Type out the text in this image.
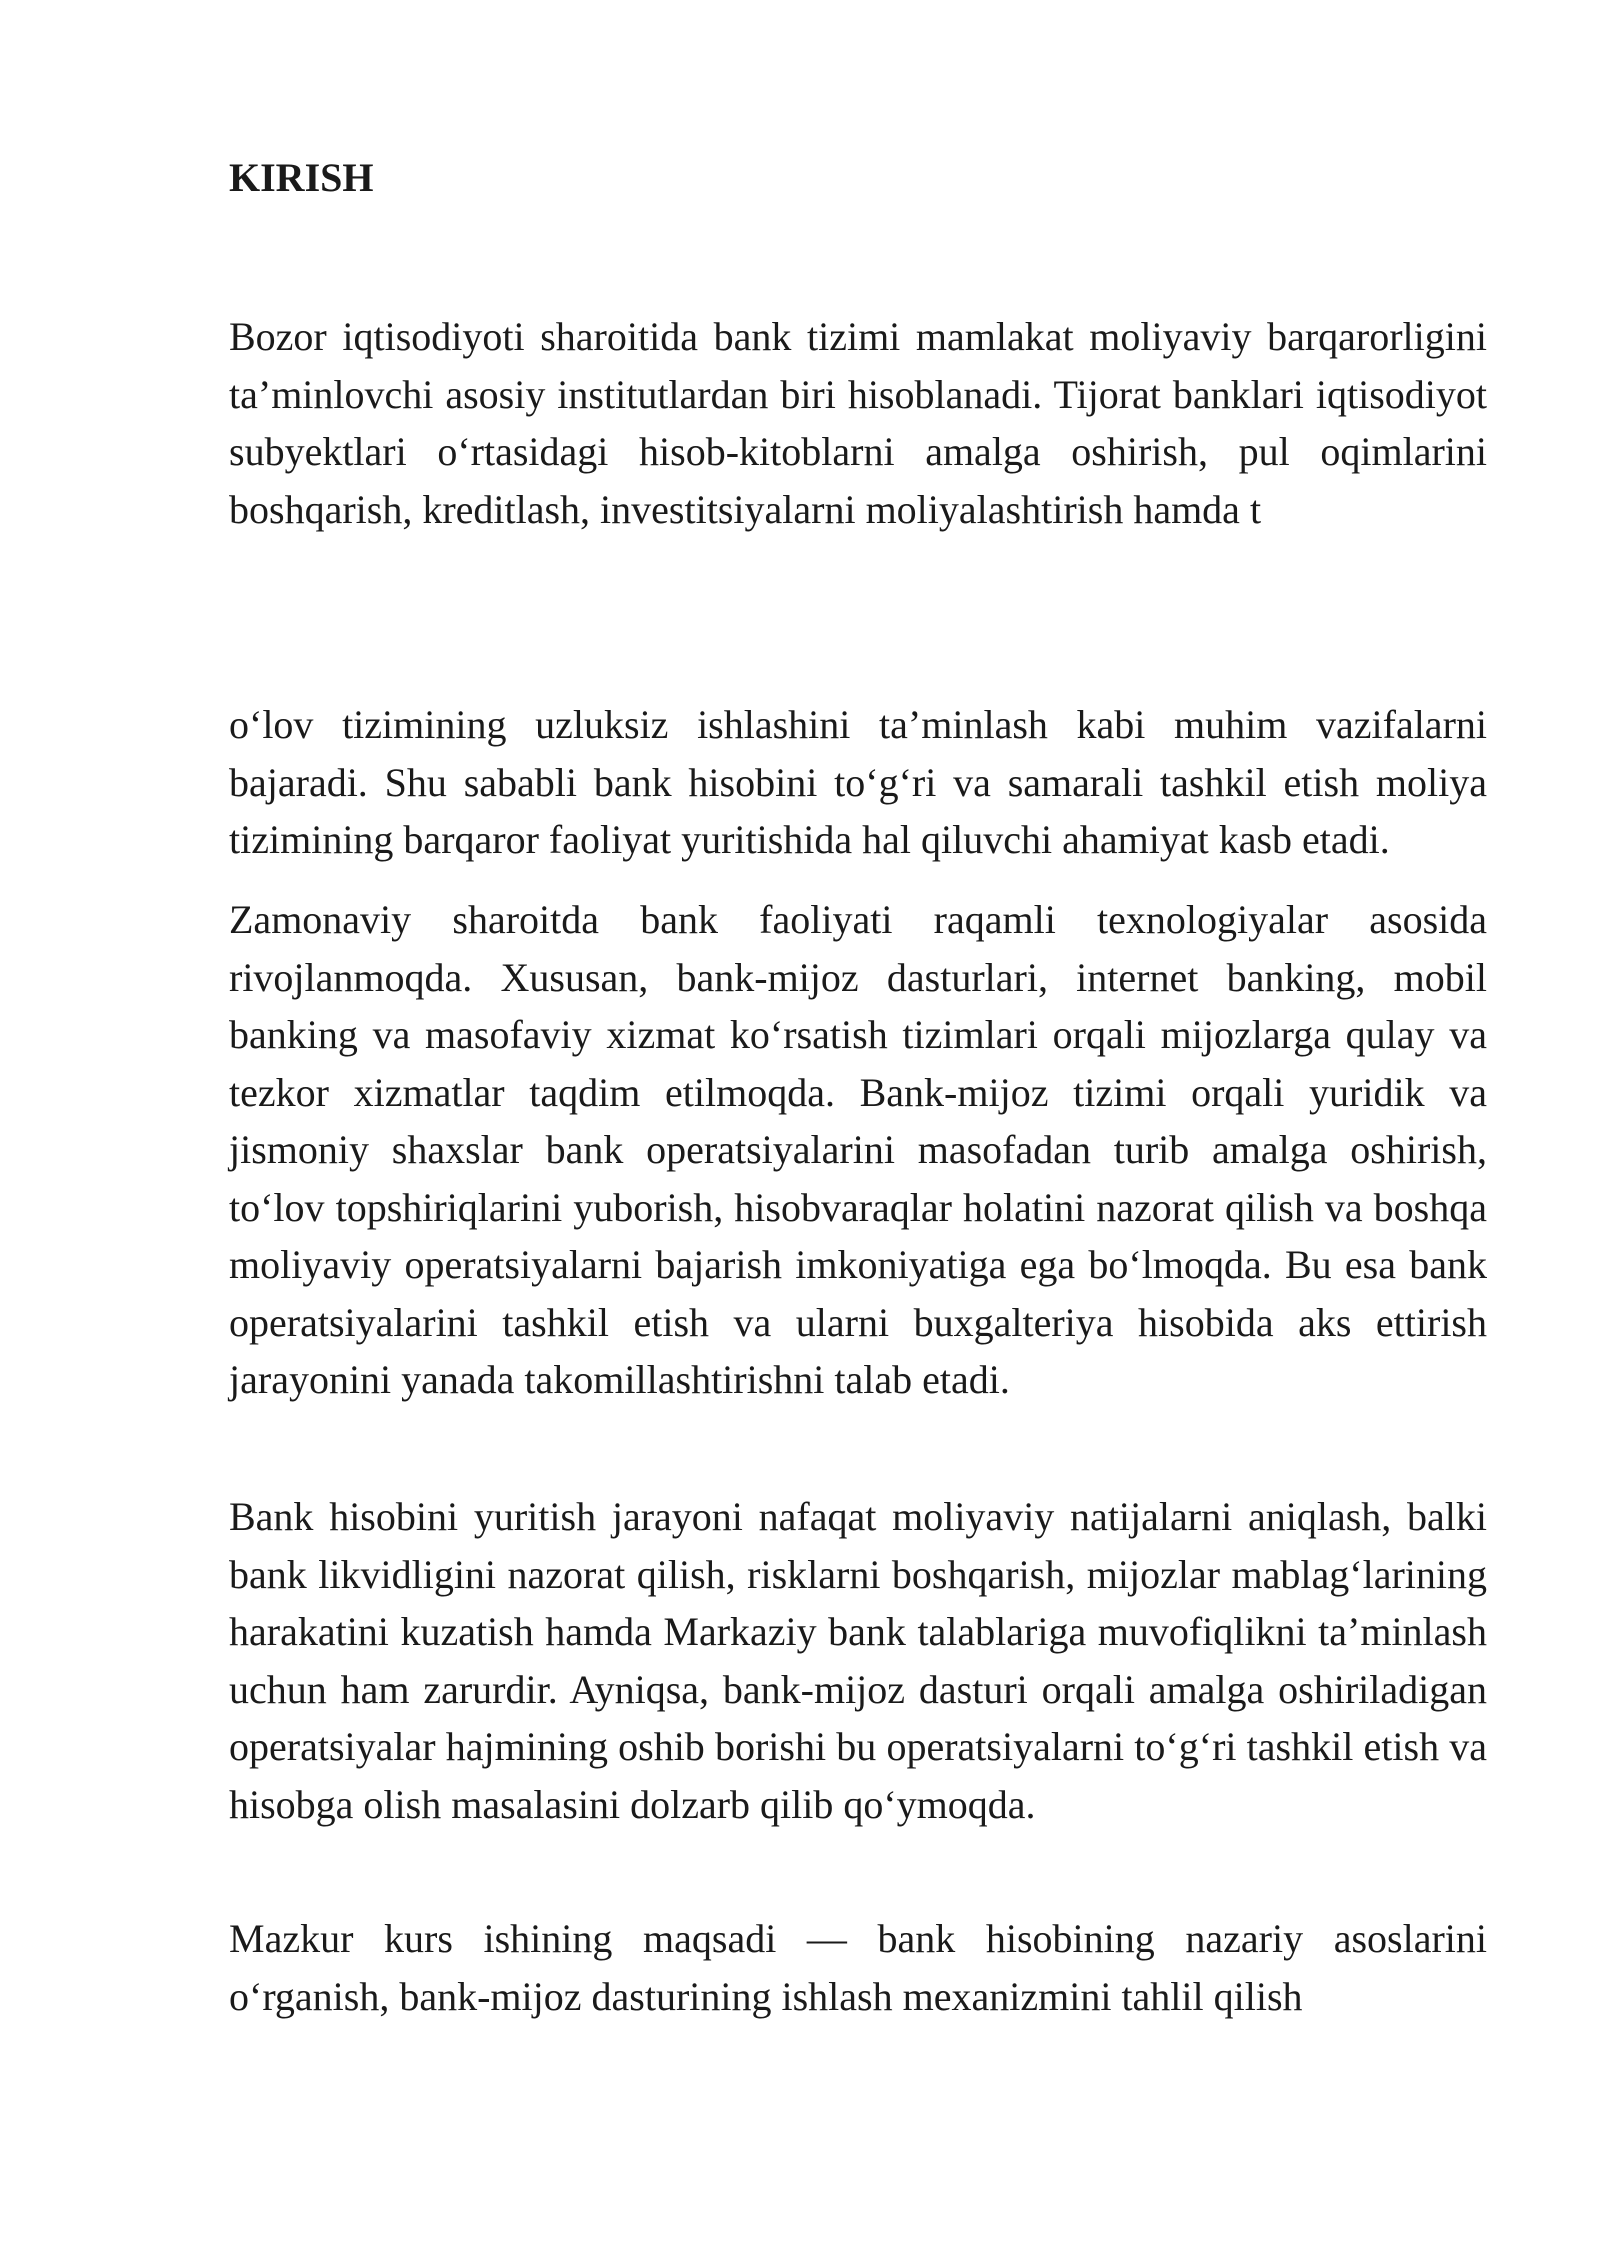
KIRISH

Bozor iqtisodiyoti sharoitida bank tizimi mamlakat moliyaviy barqarorligini ta’minlovchi asosiy institutlardan biri hisoblanadi. Tijorat banklari iqtisodiyot subyektlari o‘rtasidagi hisob-kitoblarni amalga oshirish, pul oqimlarini boshqarish, kreditlash, investitsiyalarni moliyalashtirish hamda t

o‘lov tizimining uzluksiz ishlashini ta’minlash kabi muhim vazifalarni bajaradi. Shu sababli bank hisobini to‘g‘ri va samarali tashkil etish moliya tizimining barqaror faoliyat yuritishida hal qiluvchi ahamiyat kasb etadi.

Zamonaviy sharoitda bank faoliyati raqamli texnologiyalar asosida rivojlanmoqda. Xususan, bank-mijoz dasturlari, internet banking, mobil banking va masofaviy xizmat ko‘rsatish tizimlari orqali mijozlarga qulay va tezkor xizmatlar taqdim etilmoqda. Bank-mijoz tizimi orqali yuridik va jismoniy shaxslar bank operatsiyalarini masofadan turib amalga oshirish, to‘lov topshiriqlarini yuborish, hisobvaraqlar holatini nazorat qilish va boshqa moliyaviy operatsiyalarni bajarish imkoniyatiga ega bo‘lmoqda. Bu esa bank operatsiyalarini tashkil etish va ularni buxgalteriya hisobida aks ettirish jarayonini yanada takomillashtirishni talab etadi.

Bank hisobini yuritish jarayoni nafaqat moliyaviy natijalarni aniqlash, balki bank likvidligini nazorat qilish, risklarni boshqarish, mijozlar mablag‘larining harakatini kuzatish hamda Markaziy bank talablariga muvofiqlikni ta’minlash uchun ham zarurdir. Ayniqsa, bank-mijoz dasturi orqali amalga oshiriladigan operatsiyalar hajmining oshib borishi bu operatsiyalarni to‘g‘ri tashkil etish va hisobga olish masalasini dolzarb qilib qo‘ymoqda.

Mazkur kurs ishining maqsadi — bank hisobining nazariy asoslarini o‘rganish, bank-mijoz dasturining ishlash mexanizmini tahlil qilish
